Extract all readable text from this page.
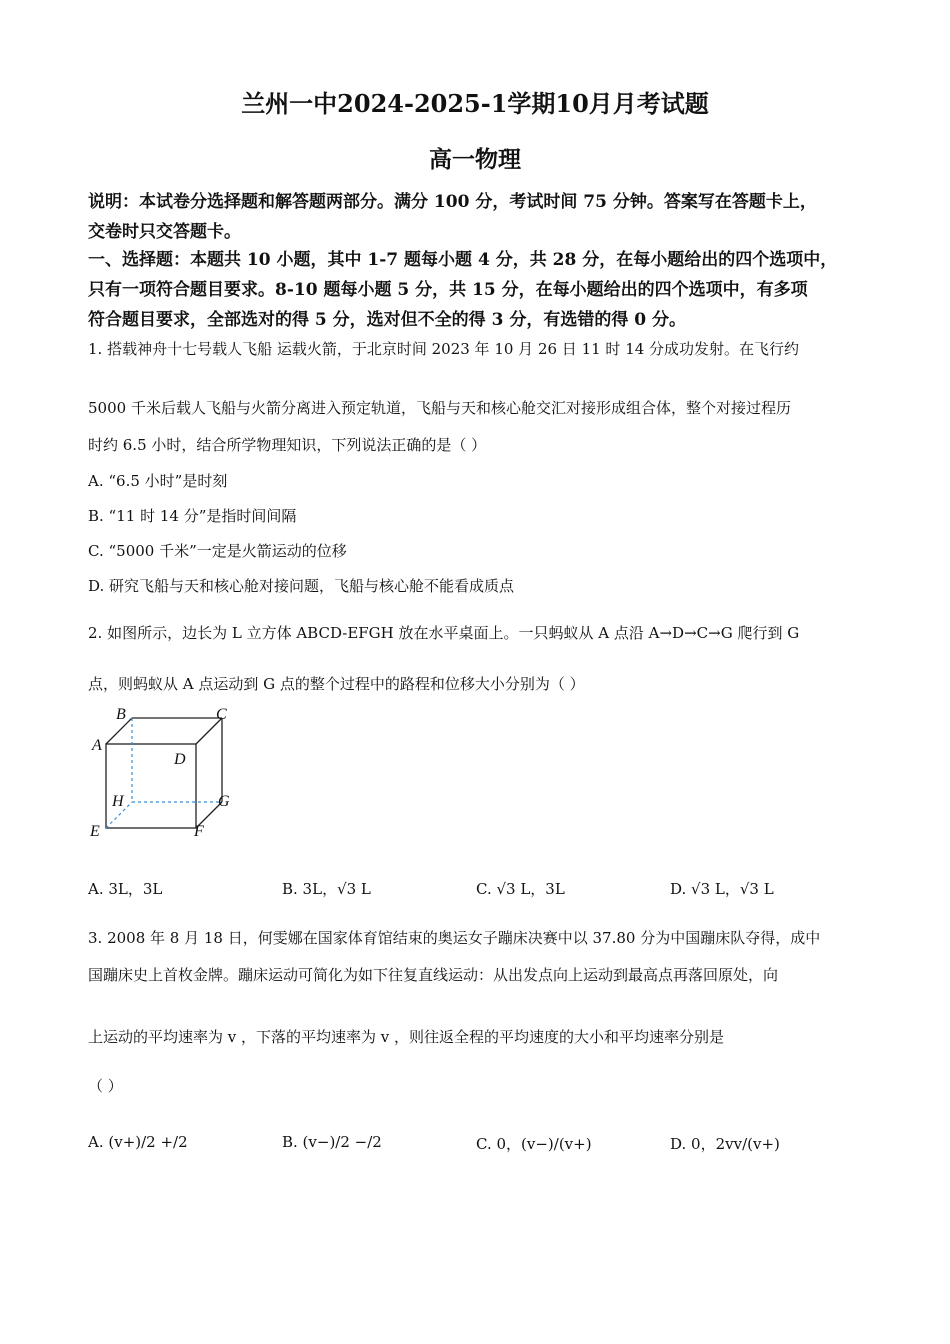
兰州一中2024-2025-1学期10月月考试题
高一物理
说明：本试卷分选择题和解答题两部分。满分 100 分，考试时间 75 分钟。答案写在答题卡上，
交卷时只交答题卡。
一、选择题：本题共 10 小题，其中 1-7 题每小题 4 分，共 28 分，在每小题给出的四个选项中，
只有一项符合题目要求。8-10 题每小题 5 分，共 15 分，在每小题给出的四个选项中，有多项
符合题目要求，全部选对的得 5 分，选对但不全的得 3 分，有选错的得 0 分。
1. 搭载神舟十七号载人飞船 运载火箭，于北京时间 2023 年 10 月 26 日 11 时 14 分成功发射。在飞行约
5000 千米后载人飞船与火箭分离进入预定轨道，飞船与天和核心舱交汇对接形成组合体，整个对接过程历
时约 6.5 小时，结合所学物理知识，下列说法正确的是（ ）
A. “6.5 小时”是时刻
B. “11 时 14 分”是指时间间隔
C. “5000 千米”一定是火箭运动的位移
D. 研究飞船与天和核心舱对接问题，飞船与核心舱不能看成质点
2. 如图所示，边长为 L 立方体 ABCD-EFGH 放在水平桌面上。一只蚂蚁从 A 点沿 A→D→C→G 爬行到 G
点，则蚂蚁从 A 点运动到 G 点的整个过程中的路程和位移大小分别为（ ）
A
B	C
D
E	F
G
H
A. 3L，3L	B. 3L，√3 L	C. √3 L，3L	D. √3 L，√3 L
3. 2008 年 8 月 18 日，何雯娜在国家体育馆结束的奥运女子蹦床决赛中以 37.80 分为中国蹦床队夺得，成中
国蹦床史上首枚金牌。蹦床运动可简化为如下往复直线运动：从出发点向上运动到最高点再落回原处，向
上运动的平均速率为 v ，下落的平均速率为 v ，则往返全程的平均速度的大小和平均速率分别是
（ ）
A. (v+)/2 +/2	B. (v−)/2 −/2	C. 0，(v−)/(v+)	D. 0，2vv/(v+)
